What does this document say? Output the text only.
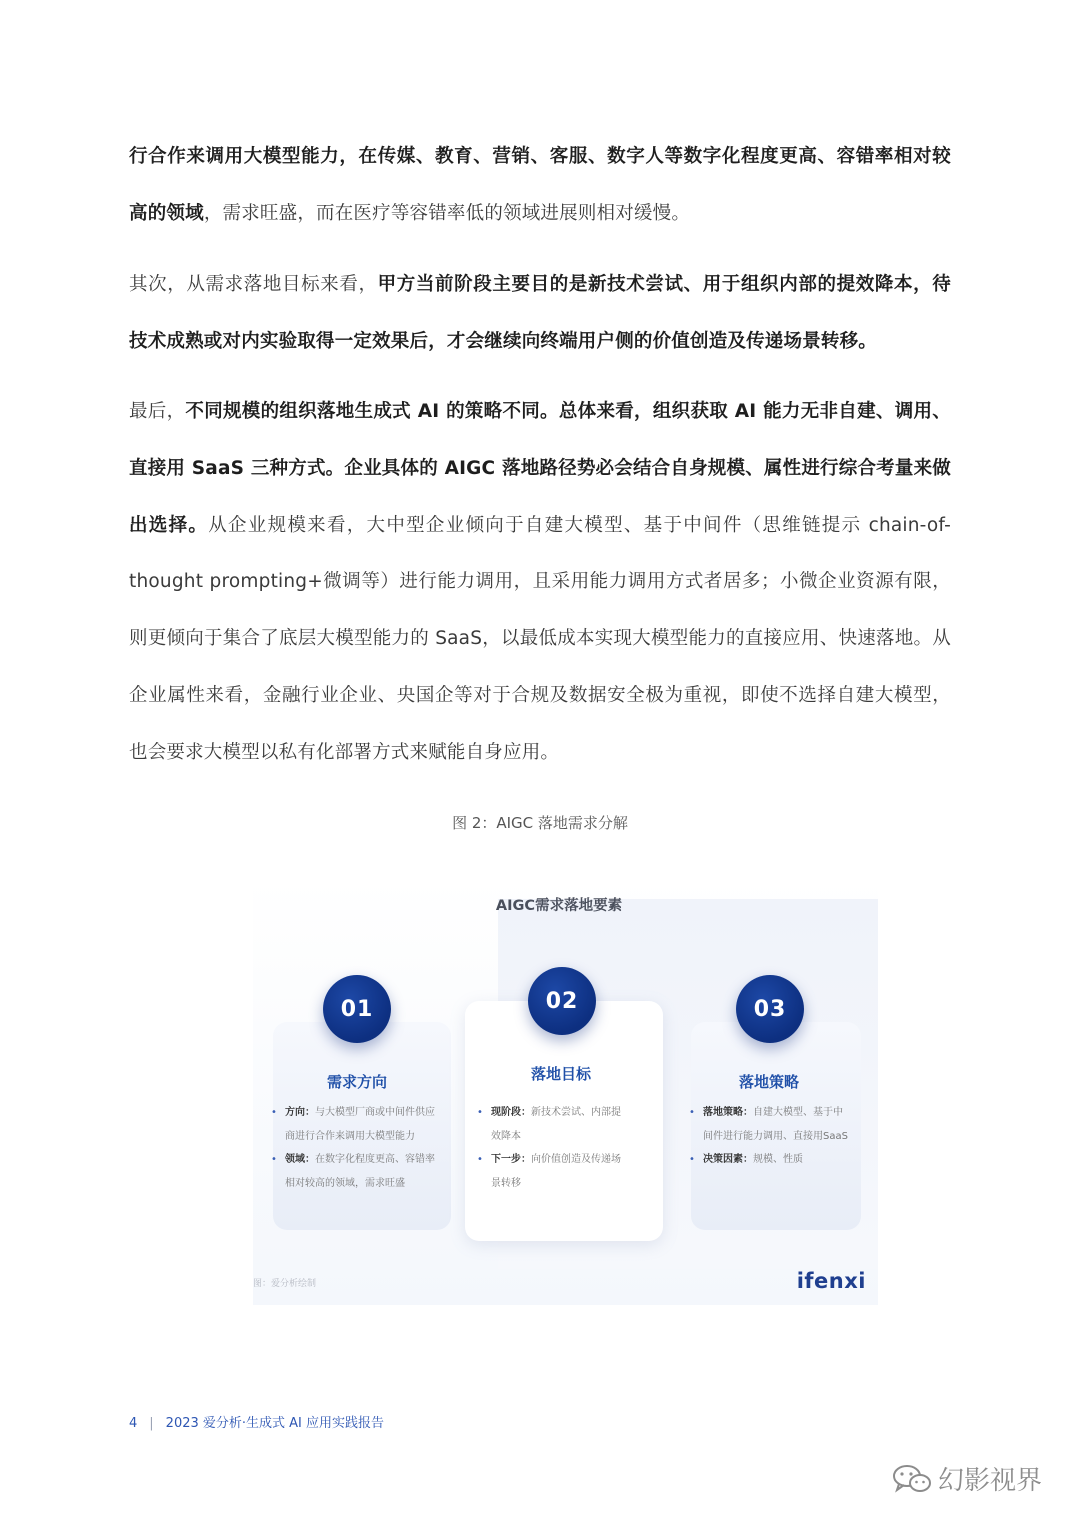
行合作来调用大模型能力，在传媒、教育、营销、客服、数字人等数字化程度更高、容错率相对较高的领域，需求旺盛，而在医疗等容错率低的领域进展则相对缓慢。
其次，从需求落地目标来看，甲方当前阶段主要目的是新技术尝试、用于组织内部的提效降本，待技术成熟或对内实验取得一定效果后，才会继续向终端用户侧的价值创造及传递场景转移。
最后，不同规模的组织落地生成式 AI 的策略不同。总体来看，组织获取 AI 能力无非自建、调用、直接用 SaaS 三种方式。企业具体的 AIGC 落地路径势必会结合自身规模、属性进行综合考量来做出选择。从企业规模来看，大中型企业倾向于自建大模型、基于中间件（思维链提示 chain-of-thought prompting+微调等）进行能力调用，且采用能力调用方式者居多；小微企业资源有限，则更倾向于集合了底层大模型能力的 SaaS，以最低成本实现大模型能力的直接应用、快速落地。从企业属性来看，金融行业企业、央国企等对于合规及数据安全极为重视，即使不选择自建大模型，也会要求大模型以私有化部署方式来赋能自身应用。
图 2：AIGC 落地需求分解
AIGC需求落地要素
01	02	03
需求方向	落地目标	落地策略
• 方向：与大模型厂商或中间件供应商进行合作来调用大模型能力
• 领域：在数字化程度更高、容错率相对较高的领域，需求旺盛
• 现阶段：新技术尝试、内部提效降本
• 下一步：向价值创造及传递场景转移
• 落地策略：自建大模型、基于中间件进行能力调用、直接用SaaS
• 决策因素：规模、性质
图：爱分析绘制	ifenxi
4 | 2023 爱分析·生成式 AI 应用实践报告
幻影视界
